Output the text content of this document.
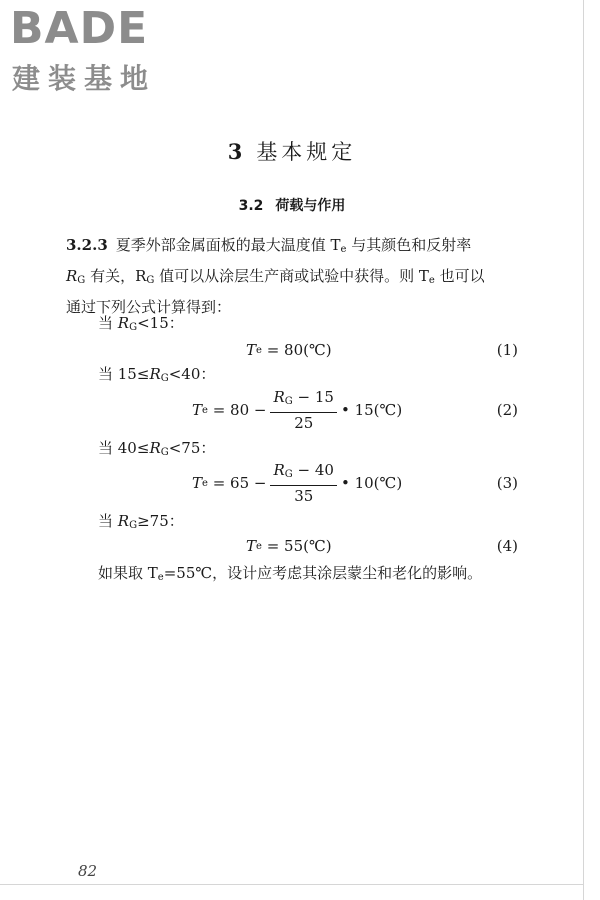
BADE
建装基地
3 基本规定
3.2 荷载与作用
3.2.3 夏季外部金属面板的最大温度值 $T_e$ 与其颜色和反射率
$R_G$ 有关，$R_G$ 值可以从涂层生产商或试验中获得。则 $T_e$ 也可以
通过下列公式计算得到：
当 $R_G<15$：
T e
= 80(℃)	(1)
当 $15\le R_G<40$：
T e
= $80 - \frac{R_G - 15}{25}$ • 15(℃)	(2)
当 $40\le R_G<75$：
T e
= $65 - \frac{R_G - 40}{35}$ • 10(℃)	(3)
当 $R_G\ge 75$：
T e
= 55(℃)	(4)
如果取 $T_e=55℃$，设计应考虑其涂层蒙尘和老化的影响。
82
